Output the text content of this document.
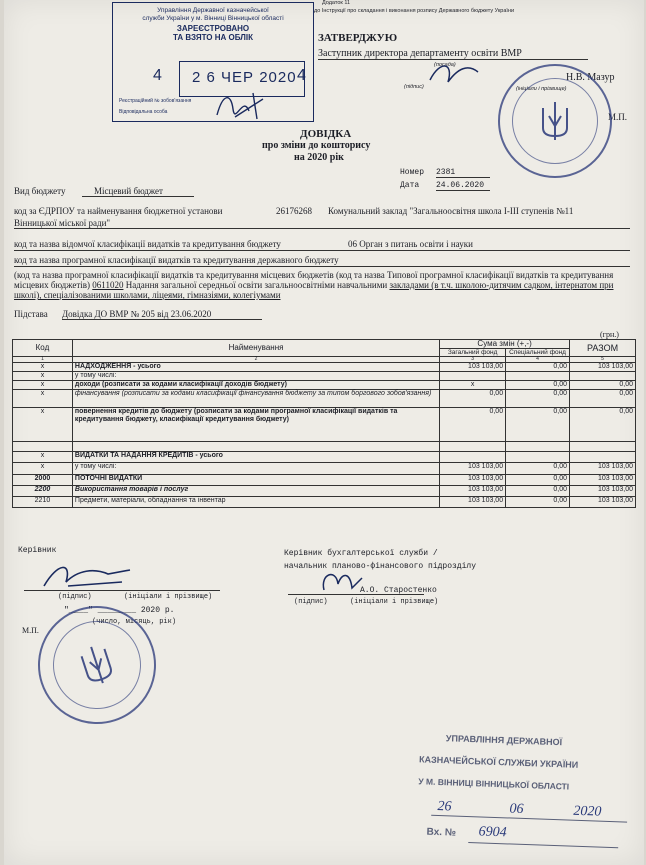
Додаток 11
до Інструкції про складання і виконання розпису Державного бюджету України
Управління Державної казначейської
служби України у м. Вінниці Вінницької області
ЗАРЕЄСТРОВАНО
ТА ВЗЯТО НА ОБЛІК
4 2 6 ЧЕР 2020 4
Реєстраційний № зобов'язання
Відповідальна особа
ЗАТВЕРДЖУЮ
Заступник директора департаменту освіти ВМР
(посада)
Н.В. Мазур
(підпис)	(ініціали і прізвище)
М.П.
ДОВІДКА
про зміни до кошторису
на 2020 рік
Номер 2381
Дата 24.06.2020
Вид бюджету	Місцевий бюджет
код за ЄДРПОУ та найменування бюджетної установи	26176268 Комунальний заклад "Загальноосвітня школа І-ІІІ ступенів №11
Вінницької міської ради"
код та назва відомчої класифікації видатків та кредитування бюджету	06 Орган з питань освіти і науки
код та назва програмної класифікації видатків та кредитування державного бюджету
(код та назва програмної класифікації видатків та кредитування місцевих бюджетів (код та назва Типової програмної класифікації видатків та кредитування місцевих бюджетів) 0611020 Надання загальної середньої освіти загальноосвітніми навчальними закладами (в т.ч. школою-дитячим садком, інтернатом при школі), спеціалізованими школами, ліцеями, гімназіями, колегіумами
Підстава Довідка ДО ВМР № 205 від 23.06.2020
(грн.)
Код	Найменування	Сума змін (+,-)		РАЗОМ
		Загальний фонд	Спеціальний фонд	
1	2	3	4	5
x	НАДХОДЖЕННЯ - усього	103 103,00	0,00	103 103,00
x	у тому числі:			
x	доходи (розписати за кодами класифікації доходів бюджету)	x	0,00	0,00
x	фінансування (розписати за кодами класифікації фінансування бюджету за типом боргового зобов'язання)	0,00	0,00	0,00
x	повернення кредитів до бюджету (розписати за кодами програмної класифікації видатків та кредитування бюджету, класифікації кредитування бюджету)	0,00	0,00	0,00

x	ВИДАТКИ ТА НАДАННЯ КРЕДИТІВ - усього			
x	у тому числі:	103 103,00	0,00	103 103,00
2000	ПОТОЧНІ ВИДАТКИ	103 103,00	0,00	103 103,00
2200	Використання товарів і послуг	103 103,00	0,00	103 103,00
2210	Предмети, матеріали, обладнання та інвентар	103 103,00	0,00	103 103,00
Керівник
(підпис)	(ініціали і прізвище)
"____" ________ 2020 р.
(число, місяць, рік)
М.П.
Керівник бухгалтерської служби /
начальник планово-фінансового підрозділу
А.О. Старостенко
(підпис)	(ініціали і прізвище)
УПРАВЛІННЯ ДЕРЖАВНОЇ
КАЗНАЧЕЙСЬКОЇ СЛУЖБИ УКРАЇНИ
У М. ВІННИЦІ ВІННИЦЬКОЇ ОБЛАСТІ
26	06	2020
Вх. № 6904
